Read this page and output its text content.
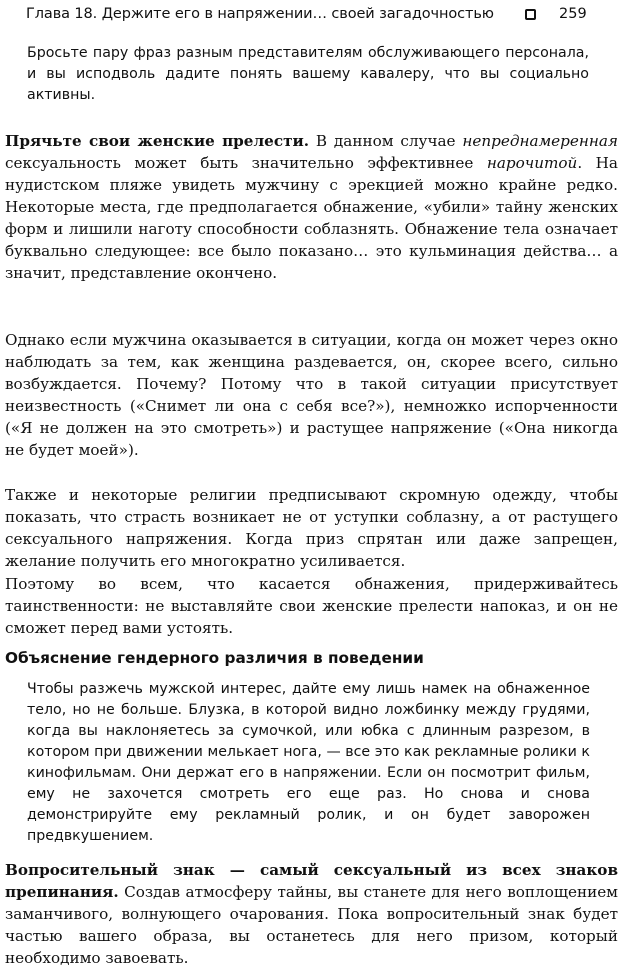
Глава 18. Держите его в напряжении… своей загадочностью	259
Бросьте пару фраз разным представителям обслуживающего персонала, и вы исподволь дадите понять вашему кавалеру, что вы социально активны.
Прячьте свои женские прелести. В данном случае непреднамеренная сексуальность может быть значительно эффективнее нарочитой. На нудистском пляже увидеть мужчину с эрекцией можно крайне редко. Некоторые места, где предполагается обнажение, «убили» тайну женских форм и лишили наготу способности соблазнять. Обнажение тела означает буквально следующее: все было показано… это кульминация действа… а значит, представление окончено.
Однако если мужчина оказывается в ситуации, когда он может через окно наблюдать за тем, как женщина раздевается, он, скорее всего, сильно возбуждается. Почему? Потому что в такой ситуации присутствует неизвестность («Снимет ли она с себя все?»), немножко испорченности («Я не должен на это смотреть») и растущее напряжение («Она никогда не будет моей»).
Также и некоторые религии предписывают скромную одежду, чтобы показать, что страсть возникает не от уступки соблазну, а от растущего сексуального напряжения. Когда приз спрятан или даже запрещен, желание получить его многократно усиливается.
Поэтому во всем, что касается обнажения, придерживайтесь таинственности: не выставляйте свои женские прелести напоказ, и он не сможет перед вами устоять.
Объяснение гендерного различия в поведении
Чтобы разжечь мужской интерес, дайте ему лишь намек на обнаженное тело, но не больше. Блузка, в которой видно ложбинку между грудями, когда вы наклоняетесь за сумочкой, или юбка с длинным разрезом, в котором при движении мелькает нога, — все это как рекламные ролики к кинофильмам. Они держат его в напряжении. Если он посмотрит фильм, ему не захочется смотреть его еще раз. Но снова и снова демонстрируйте ему рекламный ролик, и он будет заворожен предвкушением.
Вопросительный знак — самый сексуальный из всех знаков препинания. Создав атмосферу тайны, вы станете для него воплощением заманчивого, волнующего очарования. Пока вопросительный знак будет частью вашего образа, вы останетесь для него призом, который необходимо завоевать.
